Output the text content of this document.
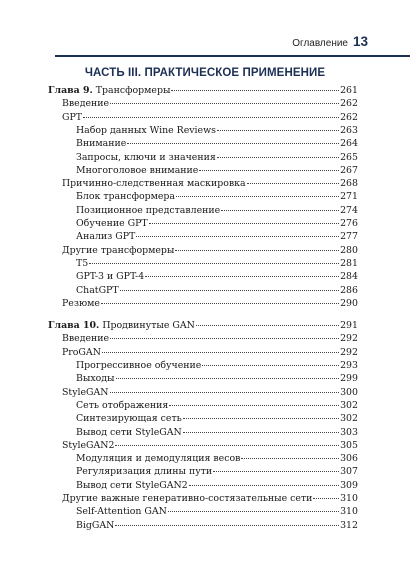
Оглавление 13
ЧАСТЬ III. ПРАКТИЧЕСКОЕ ПРИМЕНЕНИЕ
Глава 9. Трансформеры	261
Введение	262
GPT	262
Набор данных Wine Reviews	263
Внимание	264
Запросы, ключи и значения	265
Многоголовое внимание	267
Причинно-следственная маскировка	268
Блок трансформера	271
Позиционное представление	274
Обучение GPT	276
Анализ GPT	277
Другие трансформеры	280
T5	281
GPT-3 и GPT-4	284
ChatGPT	286
Резюме	290
Глава 10. Продвинутые GAN	291
Введение	292
ProGAN	292
Прогрессивное обучение	293
Выходы	299
StyleGAN	300
Сеть отображения	302
Синтезирующая сеть	302
Вывод сети StyleGAN	303
StyleGAN2	305
Модуляция и демодуляция весов	306
Регуляризация длины пути	307
Вывод сети StyleGAN2	309
Другие важные генеративно-состязательные сети	310
Self-Attention GAN	310
BigGAN	312
